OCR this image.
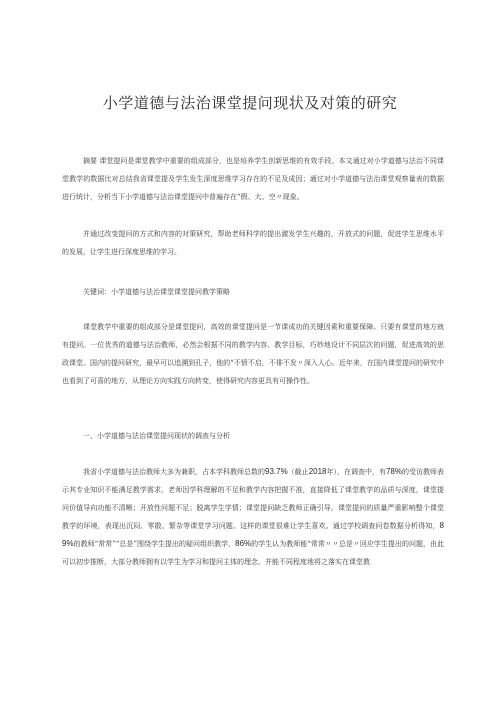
小学道德与法治课堂提问现状及对策的研究

摘要 课堂提问是课堂教学中重要的组成部分，也是培养学生创新思维的有效手段。本文通过对小学道德与法治不同课堂教学的数据比对总结我省课堂提及学生发生深度思维学习存在的不足及成因；通过对小学道德与法治课堂观察量表的数据进行统计，分析当下小学道德与法治课堂提问中普遍存在“假、大、空〃现象。

并通过改变提问的方式和内容的对策研究，帮助老师科学的提出激发学生兴趣的，开放式的问题，促进学生思维水平的发展，让学生进行深度思维的学习。

关键词：小学道德与法治课堂课堂提问教学策略

课堂教学中重要的组成部分是课堂提问，高效的课堂提问是一节课成功的关键因素和重要保障。只要有课堂的地方就有提问。一位优秀的道德与法治教师，必然会根据不同的教学内容、教学目标，巧妙地设计不同层次的问题，促进高效的思政课堂。国内的提问研究，最早可以追溯到孔子，他的“不愤不启，不俳不发〃深入人心。近年来，在国内课堂提问的研究中也看到了可喜的地方，从理论方向实践方向转变，使得研究内容更具有可操作性。

一、小学道德与法治课堂提问现状的调查与分析

我省小学道德与法治教师大多为兼职，占本学科教师总数的93.7%（截止2018年），在调查中，有78%的受访教师表示其专业知识不能满足教学需求，老师因学科理解的不足和教学内容把握不准，直接降低了课堂教学的品质与深度，课堂提问价值导向功能不清晰；开放性问题不足；脱离学生学情；课堂提问缺乏教师正确引导。课堂提问的质量严重影响整个课堂教学的环境，表现出沉闷、零散、繁杂等课堂学习问题。这样的课堂很难让学生喜欢。通过学校调查问卷数据分析得知，89%的教师“常常”“总是”围绕学生提出的疑问组织教学，86%的学生认为教师能“常常〃〃总是〃回应学生提出的问题，由此可以初步推断，大部分教师拥有以学生为学习和提问主体的理念，并能不同程度地将之落实在课堂教
